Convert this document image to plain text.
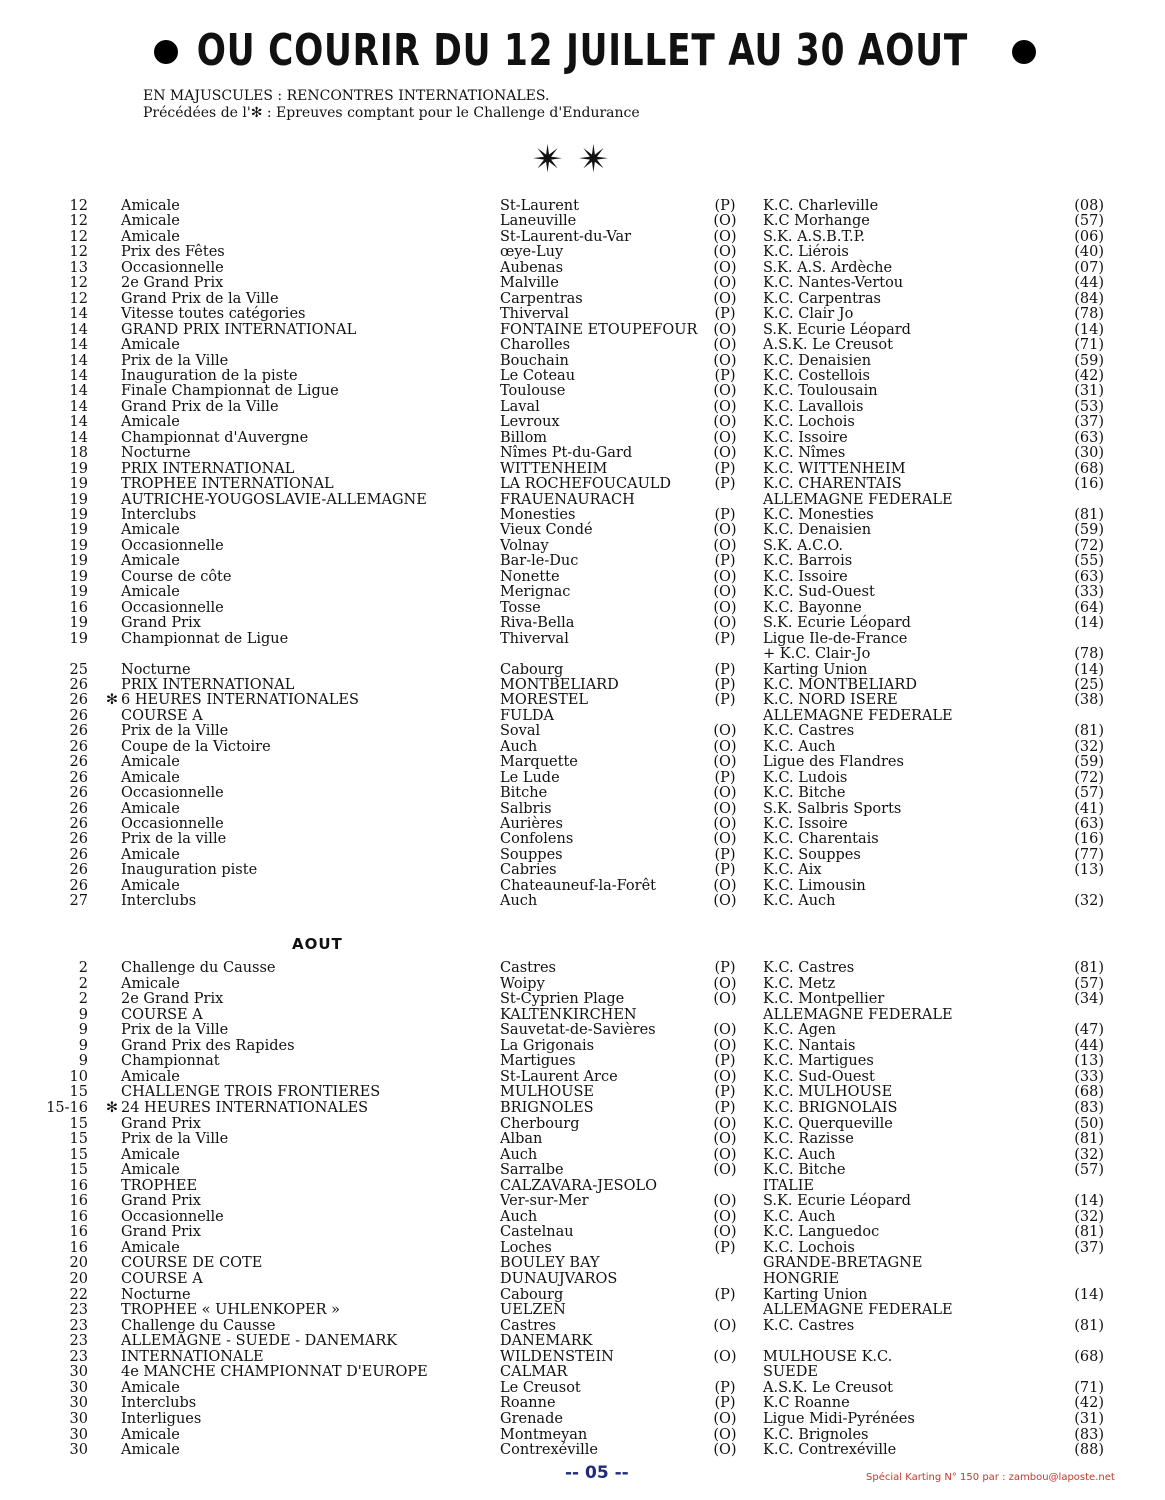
OU COURIR DU 12 JUILLET AU 30 AOUT
EN MAJUSCULES : RENCONTRES INTERNATIONALES.
Précédées de l'✻ : Epreuves comptant pour le Challenge d'Endurance
✴✴
12 Amicale	St-Laurent	(P)	K.C. Charleville	(08)
12 Amicale	Laneuville	(O)	K.C Morhange	(57)
12 Amicale	St-Laurent-du-Var	(O)	S.K. A.S.B.T.P.	(06)
12 Prix des Fêtes	œye-Luy	(O)	K.C. Liérois	(40)
13 Occasionnelle	Aubenas	(O)	S.K. A.S. Ardèche	(07)
12 2e Grand Prix	Malville	(O)	K.C. Nantes-Vertou	(44)
12 Grand Prix de la Ville	Carpentras	(O)	K.C. Carpentras	(84)
14 Vitesse toutes catégories	Thiverval	(P)	K.C. Clair Jo	(78)
14 GRAND PRIX INTERNATIONAL	FONTAINE ETOUPEFOUR	(O)	S.K. Ecurie Léopard	(14)
14 Amicale	Charolles	(O)	A.S.K. Le Creusot	(71)
14 Prix de la Ville	Bouchain	(O)	K.C. Denaisien	(59)
14 Inauguration de la piste	Le Coteau	(P)	K.C. Costellois	(42)
14 Finale Championnat de Ligue	Toulouse	(O)	K.C. Toulousain	(31)
14 Grand Prix de la Ville	Laval	(O)	K.C. Lavallois	(53)
14 Amicale	Levroux	(O)	K.C. Lochois	(37)
14 Championnat d'Auvergne	Billom	(O)	K.C. Issoire	(63)
18 Nocturne	Nîmes Pt-du-Gard	(O)	K.C. Nîmes	(30)
19 PRIX INTERNATIONAL	WITTENHEIM	(P)	K.C. WITTENHEIM	(68)
19 TROPHEE INTERNATIONAL	LA ROCHEFOUCAULD	(P)	K.C. CHARENTAIS	(16)
19 AUTRICHE-YOUGOSLAVIE-ALLEMAGNE	FRAUENAURACH	ALLEMAGNE FEDERALE
19 Interclubs	Monesties	(P)	K.C. Monesties	(81)
19 Amicale	Vieux Condé	(O)	K.C. Denaisien	(59)
19 Occasionnelle	Volnay	(O)	S.K. A.C.O.	(72)
19 Amicale	Bar-le-Duc	(P)	K.C. Barrois	(55)
19 Course de côte	Nonette	(O)	K.C. Issoire	(63)
19 Amicale	Merignac	(O)	K.C. Sud-Ouest	(33)
16 Occasionnelle	Tosse	(O)	K.C. Bayonne	(64)
19 Grand Prix	Riva-Bella	(O)	S.K. Ecurie Léopard	(14)
19 Championnat de Ligue	Thiverval	(P)	Ligue Ile-de-France
+ K.C. Clair-Jo	(78)
25 Nocturne	Cabourg	(P)	Karting Union	(14)
26 PRIX INTERNATIONAL	MONTBELIARD	(P)	K.C. MONTBELIARD	(25)
26	✻ 6 HEURES INTERNATIONALES	MORESTEL	(P)	K.C. NORD ISERE	(38)
26 COURSE A	FULDA	ALLEMAGNE FEDERALE
26 Prix de la Ville	Soval	(O)	K.C. Castres	(81)
26 Coupe de la Victoire	Auch	(O)	K.C. Auch	(32)
26 Amicale	Marquette	(O)	Ligue des Flandres	(59)
26 Amicale	Le Lude	(P)	K.C. Ludois	(72)
26 Occasionnelle	Bitche	(O)	K.C. Bitche	(57)
26 Amicale	Salbris	(O)	S.K. Salbris Sports	(41)
26 Occasionnelle	Aurières	(O)	K.C. Issoire	(63)
26 Prix de la ville	Confolens	(O)	K.C. Charentais	(16)
26 Amicale	Souppes	(P)	K.C. Souppes	(77)
26 Inauguration piste	Cabries	(P)	K.C. Aix	(13)
26 Amicale	Chateauneuf-la-Forêt	(O)	K.C. Limousin
27 Interclubs	Auch	(O)	K.C. Auch	(32)
AOUT
2 Challenge du Causse	Castres	(P)	K.C. Castres	(81)
2 Amicale	Woipy	(O)	K.C. Metz	(57)
2 2e Grand Prix	St-Cyprien Plage	(O)	K.C. Montpellier	(34)
9 COURSE A	KALTENKIRCHEN	ALLEMAGNE FEDERALE
9 Prix de la Ville	Sauvetat-de-Savières	(O)	K.C. Agen	(47)
9 Grand Prix des Rapides	La Grigonais	(O)	K.C. Nantais	(44)
9 Championnat	Martigues	(P)	K.C. Martigues	(13)
10 Amicale	St-Laurent Arce	(O)	K.C. Sud-Ouest	(33)
15 CHALLENGE TROIS FRONTIERES	MULHOUSE	(P)	K.C. MULHOUSE	(68)
15-16	✻ 24 HEURES INTERNATIONALES	BRIGNOLES	(P)	K.C. BRIGNOLAIS	(83)
15 Grand Prix	Cherbourg	(O)	K.C. Querqueville	(50)
15 Prix de la Ville	Alban	(O)	K.C. Razisse	(81)
15 Amicale	Auch	(O)	K.C. Auch	(32)
15 Amicale	Sarralbe	(O)	K.C. Bitche	(57)
16 TROPHEE	CALZAVARA-JESOLO	ITALIE
16 Grand Prix	Ver-sur-Mer	(O)	S.K. Ecurie Léopard	(14)
16 Occasionnelle	Auch	(O)	K.C. Auch	(32)
16 Grand Prix	Castelnau	(O)	K.C. Languedoc	(81)
16 Amicale	Loches	(P)	K.C. Lochois	(37)
20 COURSE DE COTE	BOULEY BAY	GRANDE-BRETAGNE
20 COURSE A	DUNAUJVAROS	HONGRIE
22 Nocturne	Cabourg	(P)	Karting Union	(14)
23 TROPHEE « UHLENKOPER »	UELZEN	ALLEMAGNE FEDERALE
23 Challenge du Causse	Castres	(O)	K.C. Castres	(81)
23 ALLEMAGNE - SUEDE - DANEMARK	DANEMARK
23 INTERNATIONALE	WILDENSTEIN	(O)	MULHOUSE K.C.	(68)
30 4e MANCHE CHAMPIONNAT D'EUROPE	CALMAR	SUEDE
30 Amicale	Le Creusot	(P)	A.S.K. Le Creusot	(71)
30 Interclubs	Roanne	(P)	K.C Roanne	(42)
30 Interligues	Grenade	(O)	Ligue Midi-Pyrénées	(31)
30 Amicale	Montmeyan	(O)	K.C. Brignoles	(83)
30 Amicale	Contrexéville	(O)	K.C. Contrexéville	(88)
-- 05 --	Spécial Karting N° 150 par : zambou@laposte.net
